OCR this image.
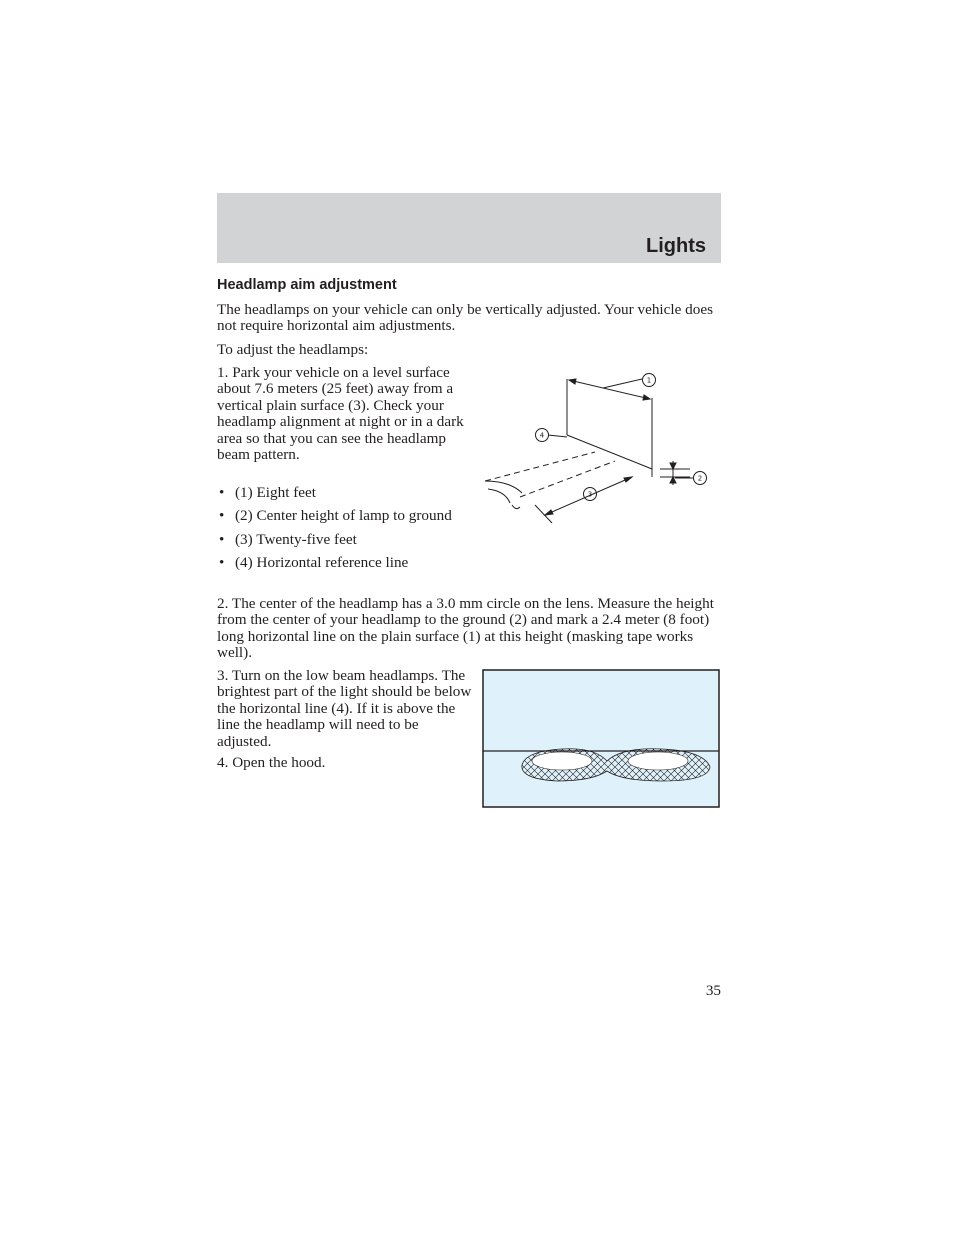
Lights
Headlamp aim adjustment

The headlamps on your vehicle can only be vertically adjusted. Your vehicle does not require horizontal aim adjustments.

To adjust the headlamps:

1. Park your vehicle on a level surface about 7.6 meters (25 feet) away from a vertical plain surface (3). Check your headlamp alignment at night or in a dark area so that you can see the headlamp beam pattern.

• (1) Eight feet
• (2) Center height of lamp to ground
• (3) Twenty-five feet
• (4) Horizontal reference line

2. The center of the headlamp has a 3.0 mm circle on the lens. Measure the height from the center of your headlamp to the ground (2) and mark a 2.4 meter (8 foot) long horizontal line on the plain surface (1) at this height (masking tape works well).

3. Turn on the low beam headlamps. The brightest part of the light should be below the horizontal line (4). If it is above the line the headlamp will need to be adjusted.

4. Open the hood.

1
2
3
4
35
